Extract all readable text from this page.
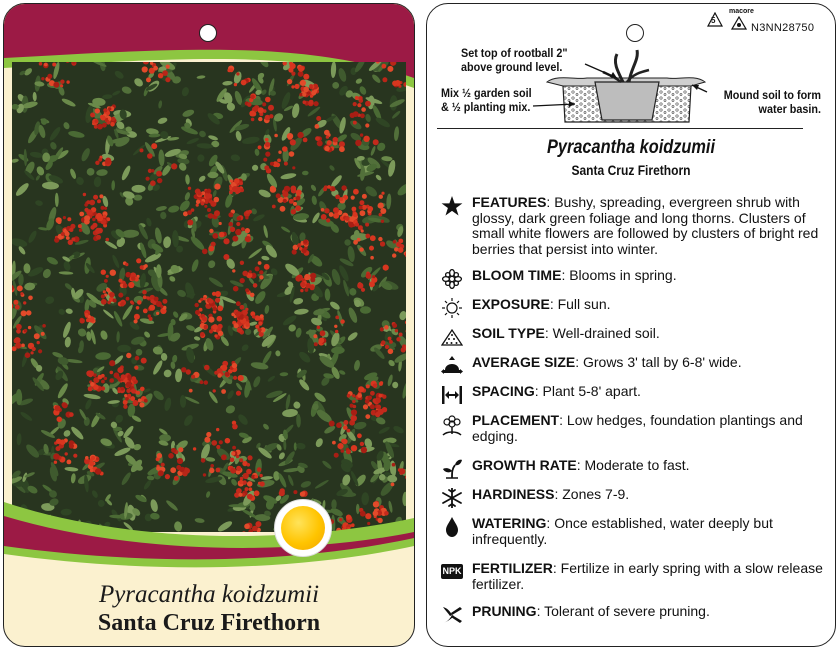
Pyracantha koidzumii
Santa Cruz Firethorn
5
macore
N3NN28750
Set top of rootball 2"
above ground level.
Mix ½ garden soil
& ½ planting mix.
Mound soil to form
water basin.
Pyracantha koidzumii
Santa Cruz Firethorn
FEATURES: Bushy, spreading, evergreen shrub with glossy, dark green foliage and long thorns. Clusters of small white flowers are followed by clusters of bright red berries that persist into winter.
BLOOM TIME: Blooms in spring.
EXPOSURE: Full sun.
SOIL TYPE: Well-drained soil.
AVERAGE SIZE: Grows 3' tall by 6-8' wide.
SPACING: Plant 5-8' apart.
PLACEMENT: Low hedges, foundation plantings and edging.
GROWTH RATE: Moderate to fast.
HARDINESS: Zones 7-9.
WATERING: Once established, water deeply but infrequently.
NPK FERTILIZER: Fertilize in early spring with a slow release fertilizer.
PRUNING: Tolerant of severe pruning.
